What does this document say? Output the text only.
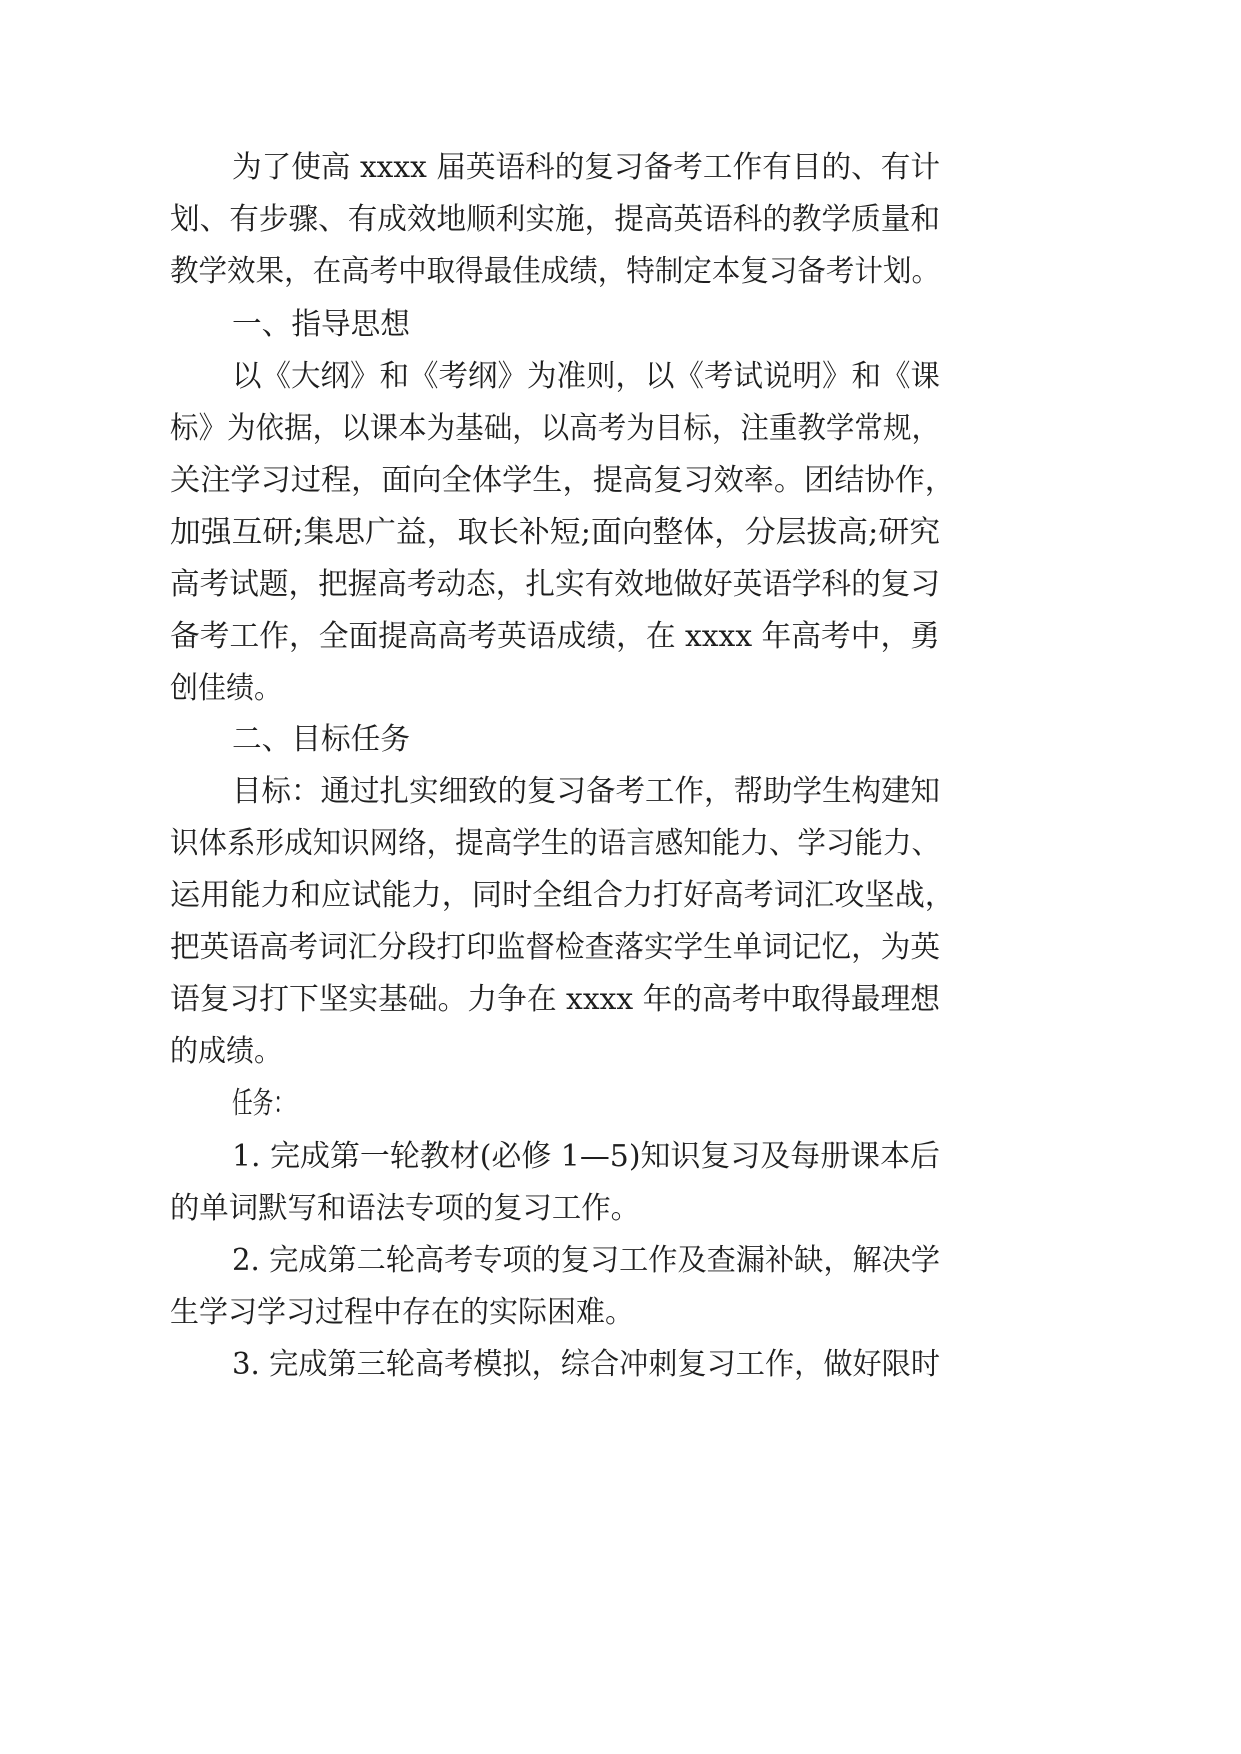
为了使高 xxxx 届英语科的复习备考工作有目的、有计
划、有步骤、有成效地顺利实施，提高英语科的教学质量和
教学效果，在高考中取得最佳成绩，特制定本复习备考计划。
一、指导思想
以《大纲》和《考纲》为准则，以《考试说明》和《课
标》为依据，以课本为基础，以高考为目标，注重教学常规，
关注学习过程，面向全体学生，提高复习效率。团结协作，
加强互研;集思广益，取长补短;面向整体，分层拔高;研究
高考试题，把握高考动态，扎实有效地做好英语学科的复习
备考工作，全面提高高考英语成绩，在 xxxx 年高考中，勇
创佳绩。
二、目标任务
目标：通过扎实细致的复习备考工作，帮助学生构建知
识体系形成知识网络，提高学生的语言感知能力、学习能力、
运用能力和应试能力，同时全组合力打好高考词汇攻坚战，
把英语高考词汇分段打印监督检查落实学生单词记忆，为英
语复习打下坚实基础。力争在 xxxx 年的高考中取得最理想
的成绩。
任务：
1. 完成第一轮教材(必修 1—5)知识复习及每册课本后
的单词默写和语法专项的复习工作。
2. 完成第二轮高考专项的复习工作及查漏补缺，解决学
生学习学习过程中存在的实际困难。
3. 完成第三轮高考模拟，综合冲刺复习工作，做好限时
